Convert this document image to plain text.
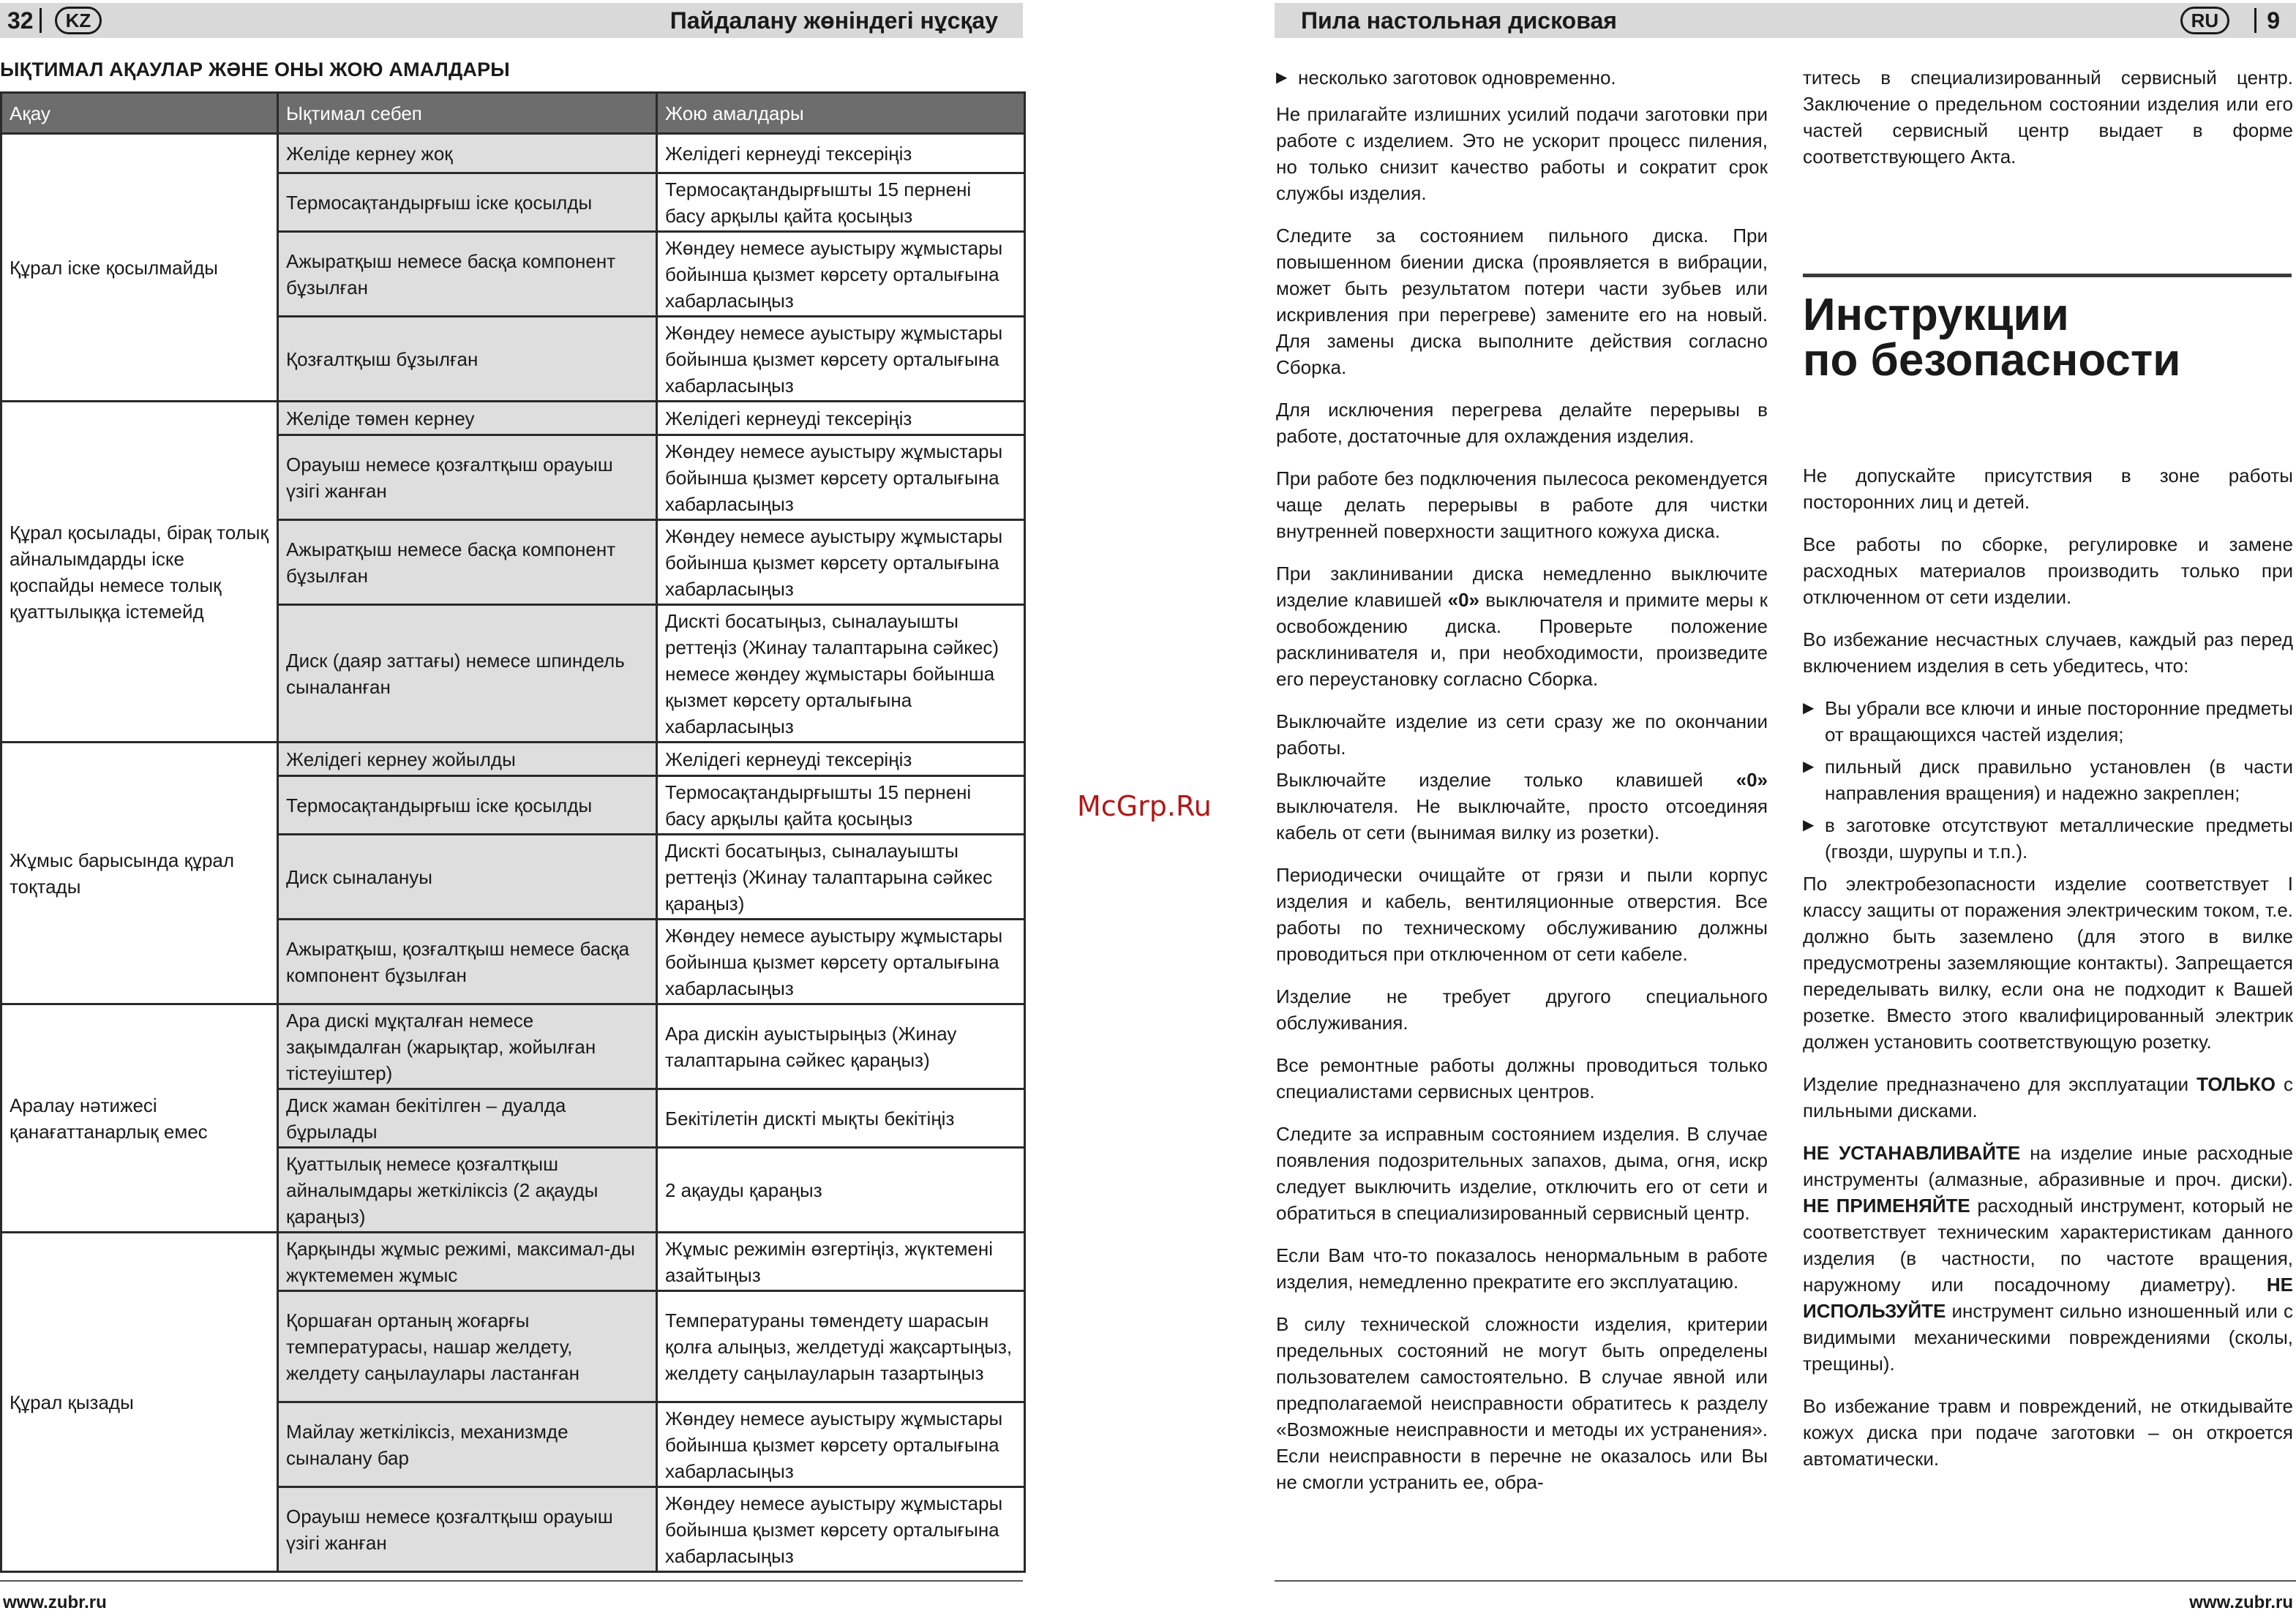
32	KZ	Пайдалану жөніндегі нұсқау	Пила настольная дисковая	RU	9
ЫҚТИМАЛ АҚАУЛАР ЖӘНЕ ОНЫ ЖОЮ АМАЛДАРЫ
Ақау	Ықтимал себеп	Жою амалдары
Құрал іске қосылмайды	Желіде кернеу жоқ	Желідегі кернеуді тексеріңіз
	Термосақтандырғыш іске қосылды	Термосақтандырғышты 15 пернені басу арқылы қайта қосыңыз
	Ажыратқыш немесе басқа компонент бұзылған	Жөндеу немесе ауыстыру жұмыстары бойынша қызмет көрсету орталығына хабарласыңыз
	Қозғалтқыш бұзылған	Жөндеу немесе ауыстыру жұмыстары бойынша қызмет көрсету орталығына хабарласыңыз
Құрал қосылады, бірақ толық айналымдарды іске қоспайды немесе толық қуаттылыққа істемейд	Желіде төмен кернеу	Желідегі кернеуді тексеріңіз
	Орауыш немесе қозғалтқыш орауыш үзігі жанған	Жөндеу немесе ауыстыру жұмыстары бойынша қызмет көрсету орталығына хабарласыңыз
	Ажыратқыш немесе басқа компонент бұзылған	Жөндеу немесе ауыстыру жұмыстары бойынша қызмет көрсету орталығына хабарласыңыз
	Диск (даяр заттағы) немесе шпиндель сыналанған	Дискті босатыңыз, сыналауышты реттеңіз (Жинау талаптарына сәйкес) немесе жөндеу жұмыстары бойынша қызмет көрсету орталығына хабарласыңыз
Жұмыс барысында құрал тоқтады	Желідегі кернеу жойылды	Желідегі кернеуді тексеріңіз
	Термосақтандырғыш іске қосылды	Термосақтандырғышты 15 пернені басу арқылы қайта қосыңыз
	Диск сыналануы	Дискті босатыңыз, сыналауышты реттеңіз (Жинау талаптарына сәйкес қараңыз)
	Ажыратқыш, қозғалтқыш немесе басқа компонент бұзылған	Жөндеу немесе ауыстыру жұмыстары бойынша қызмет көрсету орталығына хабарласыңыз
Аралау нәтижесі қанағаттанарлық емес	Ара дискі мұқталған немесе зақымдалған (жарықтар, жойылған тістеуіштер)	Ара дискін ауыстырыңыз (Жинау талаптарына сәйкес қараңыз)
	Диск жаман бекітілген – дуалда бұрылады	Бекітілетін дискті мықты бекітіңіз
	Қуаттылық немесе қозғалтқыш айналымдары жеткіліксіз (2 ақауды қараңыз)	2 ақауды қараңыз
Құрал қызады	Қарқынды жұмыс режимі, максимал-ды жүктемемен жұмыс	Жұмыс режимін өзгертіңіз, жүктемені азайтыңыз
	Қоршаған ортаның жоғарғы температурасы, нашар желдету, желдету саңылаулары ластанған	Температураны төмендету шарасын қолға алыңыз, желдетуді жақсартыңыз, желдету саңылауларын тазартыңыз
	Майлау жеткіліксіз, механизмде сыналану бар	Жөндеу немесе ауыстыру жұмыстары бойынша қызмет көрсету орталығына хабарласыңыз
	Орауыш немесе қозғалтқыш орауыш үзігі жанған	Жөндеу немесе ауыстыру жұмыстары бойынша қызмет көрсету орталығына хабарласыңыз
www.zubr.ru	www.zubr.ru
McGrp.Ru
▶ несколько заготовок одновременно.

Не прилагайте излишних усилий подачи заготовки при работе с изделием. Это не ускорит процесс пиления, но только снизит качество работы и сократит срок службы изделия.

Следите за состоянием пильного диска. При повышенном биении диска (проявляется в вибрации, может быть результатом потери части зубьев или искривления при перегреве) замените его на новый. Для замены диска выполните действия согласно Сборка.

Для исключения перегрева делайте перерывы в работе, достаточные для охлаждения изделия.

При работе без подключения пылесоса рекомендуется чаще делать перерывы в работе для чистки внутренней поверхности защитного кожуха диска.

При заклинивании диска немедленно выключите изделие клавишей «0» выключателя и примите меры к освобождению диска. Проверьте положение расклинивателя и, при необходимости, произведите его переустановку согласно Сборка.

Выключайте изделие из сети сразу же по окончании работы.

Выключайте изделие только клавишей «0» выключателя. Не выключайте, просто отсоединяя кабель от сети (вынимая вилку из розетки).

Периодически очищайте от грязи и пыли корпус изделия и кабель, вентиляционные отверстия. Все работы по техническому обслуживанию должны проводиться при отключенном от сети кабеле.

Изделие не требует другого специального обслуживания.

Все ремонтные работы должны проводиться только специалистами сервисных центров.

Следите за исправным состоянием изделия. В случае появления подозрительных запахов, дыма, огня, искр следует выключить изделие, отключить его от сети и обратиться в специализированный сервисный центр.

Если Вам что-то показалось ненормальным в работе изделия, немедленно прекратите его эксплуатацию.

В силу технической сложности изделия, критерии предельных состояний не могут быть определены пользователем самостоятельно. В случае явной или предполагаемой неисправности обратитесь к разделу «Возможные неисправности и методы их устранения». Если неисправности в перечне не оказалось или Вы не смогли устранить ее, обра-

титесь в специализированный сервисный центр. Заключение о предельном состоянии изделия или его частей сервисный центр выдает в форме соответствующего Акта.

Инструкции
по безопасности

Не допускайте присутствия в зоне работы посторонних лиц и детей.

Все работы по сборке, регулировке и замене расходных материалов производить только при отключенном от сети изделии.

Во избежание несчастных случаев, каждый раз перед включением изделия в сеть убедитесь, что:

▶ Вы убрали все ключи и иные посторонние предметы от вращающихся частей изделия;
▶ пильный диск правильно установлен (в части направления вращения) и надежно закреплен;
▶ в заготовке отсутствуют металлические предметы (гвозди, шурупы и т.п.).

По электробезопасности изделие соответствует I классу защиты от поражения электрическим током, т.е. должно быть заземлено (для этого в вилке предусмотрены заземляющие контакты). Запрещается переделывать вилку, если она не подходит к Вашей розетке. Вместо этого квалифицированный электрик должен установить соответствующую розетку.

Изделие предназначено для эксплуатации ТОЛЬКО с пильными дисками.

НЕ УСТАНАВЛИВАЙТЕ на изделие иные расходные инструменты (алмазные, абразивные и проч. диски). НЕ ПРИМЕНЯЙТЕ расходный инструмент, который не соответствует техническим характеристикам данного изделия (в частности, по частоте вращения, наружному или посадочному диаметру). НЕ ИСПОЛЬЗУЙТЕ инструмент сильно изношенный или с видимыми механическими повреждениями (сколы, трещины).

Во избежание травм и повреждений, не откидывайте кожух диска при подаче заготовки – он откроется автоматически.
